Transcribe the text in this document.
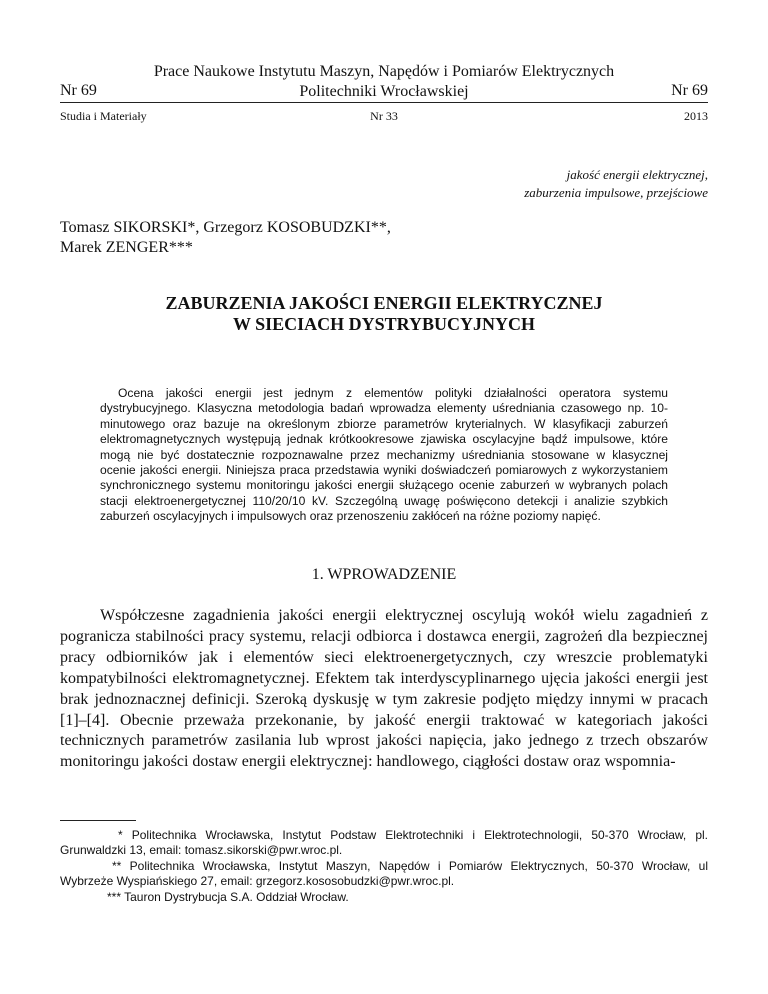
Prace Naukowe Instytutu Maszyn, Napędów i Pomiarów Elektrycznych
Politechniki Wrocławskiej
Nr 69	Nr 69
Studia i Materiały	Nr 33	2013
jakość energii elektrycznej,
zaburzenia impulsowe, przejściowe
Tomasz SIKORSKI*, Grzegorz KOSOBUDZKI**,
Marek ZENGER***
ZABURZENIA JAKOŚCI ENERGII ELEKTRYCZNEJ
W SIECIACH DYSTRYBUCYJNYCH
Ocena jakości energii jest jednym z elementów polityki działalności operatora systemu dystrybucyjnego. Klasyczna metodologia badań wprowadza elementy uśredniania czasowego np. 10-minutowego oraz bazuje na określonym zbiorze parametrów kryterialnych. W klasyfikacji zaburzeń elektromagnetycznych występują jednak krótkookresowe zjawiska oscylacyjne bądź impulsowe, które mogą nie być dostatecznie rozpoznawalne przez mechanizmy uśredniania stosowane w klasycznej ocenie jakości energii. Niniejsza praca przedstawia wyniki doświadczeń pomiarowych z wykorzystaniem synchronicznego systemu monitoringu jakości energii służącego ocenie zaburzeń w wybranych polach stacji elektroenergetycznej 110/20/10 kV. Szczególną uwagę poświęcono detekcji i analizie szybkich zaburzeń oscylacyjnych i impulsowych oraz przenoszeniu zakłóceń na różne poziomy napięć.
1. WPROWADZENIE
Współczesne zagadnienia jakości energii elektrycznej oscylują wokół wielu zagadnień z pogranicza stabilności pracy systemu, relacji odbiorca i dostawca energii, zagrożeń dla bezpiecznej pracy odbiorników jak i elementów sieci elektroenergetycznych, czy wreszcie problematyki kompatybilności elektromagnetycznej. Efektem tak interdyscyplinarnego ujęcia jakości energii jest brak jednoznacznej definicji. Szeroką dyskusję w tym zakresie podjęto między innymi w pracach [1]–[4]. Obecnie przeważa przekonanie, by jakość energii traktować w kategoriach jakości technicznych parametrów zasilania lub wprost jakości napięcia, jako jednego z trzech obszarów monitoringu jakości dostaw energii elektrycznej: handlowego, ciągłości dostaw oraz wspomnia-

* Politechnika Wrocławska, Instytut Podstaw Elektrotechniki i Elektrotechnologii, 50-370 Wrocław, pl. Grunwaldzki 13, email: tomasz.sikorski@pwr.wroc.pl.

** Politechnika Wrocławska, Instytut Maszyn, Napędów i Pomiarów Elektrycznych, 50-370 Wrocław, ul Wybrzeże Wyspiańskiego 27, email: grzegorz.kososobudzki@pwr.wroc.pl.

*** Tauron Dystrybucja S.A. Oddział Wrocław.
